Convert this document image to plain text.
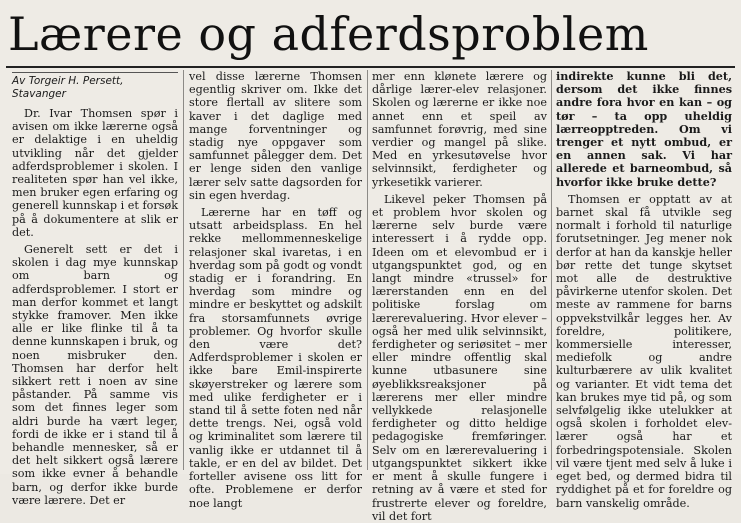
Lærere og adferdsproblem

Av Torgeir H. Persett,

Stavanger

Dr. Ivar Thomsen spør i avisen om ikke lærerne også er delaktige i en uheldig utvikling når det gjelder adferdsproblemer i skolen. I realiteten spør han vel ikke, men bruker egen erfaring og generell kunnskap i et forsøk på å dokumentere at slik er det.

Generelt sett er det i skolen i dag mye kunnskap om barn og adferdsproblemer. I stort er man derfor kommet et langt stykke framover. Men ikke alle er like flinke til å ta denne kunnskapen i bruk, og noen misbruker den. Thomsen har derfor helt sikkert rett i noen av sine påstander. På samme vis som det finnes leger som aldri burde ha vært leger, fordi de ikke er i stand til å behandle mennesker, så er det helt sikkert også lærere som ikke evner å behandle barn, og derfor ikke burde være lærere. Det er

vel disse lærerne Thomsen egentlig skriver om. Ikke det store flertall av slitere som kaver i det daglige med mange forventninger og stadig nye oppgaver som samfunnet pålegger dem. Det er lenge siden den vanlige lærer selv satte dagsorden for sin egen hverdag.

Lærerne har en tøff og utsatt arbeidsplass. En hel rekke mellommenneskelige relasjoner skal ivaretas, i en hverdag som på godt og vondt stadig er i forandring. En hverdag som mindre og mindre er beskyttet og adskilt fra storsamfunnets øvrige problemer. Og hvorfor skulle den være det? Adferdsproblemer i skolen er ikke bare Emil-inspirerte skøyerstreker og lærere som med ulike ferdigheter er i stand til å sette foten ned når dette trengs. Nei, også vold og kriminalitet som lærere til vanlig ikke er utdannet til å takle, er en del av bildet. Det forteller avisene oss litt for ofte. Problemene er derfor noe langt

mer enn klønete lærere og dårlige lærer-elev relasjoner. Skolen og lærerne er ikke noe annet enn et speil av samfunnet forøvrig, med sine verdier og mangel på slike. Med en yrkesutøvelse hvor selvinnsikt, ferdigheter og yrkesetikk varierer.

Likevel peker Thomsen på et problem hvor skolen og lærerne selv burde være interessert i å rydde opp. Ideen om et elevombud er i utgangspunktet god, og en langt mindre «trussel» for lærerstanden enn en del politiske forslag om lærerevaluering. Hvor elever – også her med ulik selvinnsikt, ferdigheter og seriøsitet – mer eller mindre offentlig skal kunne utbasunere sine øyeblikksreaksjoner på lærerens mer eller mindre vellykkede relasjonelle ferdigheter og ditto heldige pedagogiske fremføringer. Selv om en lærerevaluering i utgangspunktet sikkert ikke er ment å skulle fungere i retning av å være et sted for frustrerte elever og foreldre, vil det fort

indirekte kunne bli det, dersom det ikke finnes andre fora hvor en kan – og tør – ta opp uheldig lærreopptreden. Om vi trenger et nytt ombud, er en annen sak. Vi har allerede et barneombud, så hvorfor ikke bruke dette?

Thomsen er opptatt av at barnet skal få utvikle seg normalt i forhold til naturlige forutsetninger. Jeg mener nok derfor at han da kanskje heller bør rette det tunge skytset mot alle de destruktive påvirkerne utenfor skolen. Det meste av rammene for barns oppvekstvilkår legges her. Av foreldre, politikere, kommersielle interesser, mediefolk og andre kulturbærere av ulik kvalitet og varianter. Et vidt tema det kan brukes mye tid på, og som selvfølgelig ikke utelukker at også skolen i forholdet elev-lærer også har et forbedringspotensiale. Skolen vil være tjent med selv å luke i eget bed, og dermed bidra til ryddighet på et for foreldre og barn vanskelig område.
